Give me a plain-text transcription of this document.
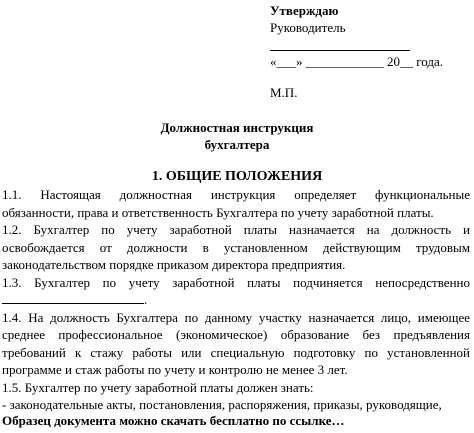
Утверждаю
Руководитель
«___» ____________ 20__ года.
М.П.
Должностная инструкция
бухгалтера
1. ОБЩИЕ ПОЛОЖЕНИЯ
1.1. Настоящая должностная инструкция определяет функциональные
обязанности, права и ответственность Бухгалтера по учету заработной платы.
1.2. Бухгалтер по учету заработной платы назначается на должность и
освобождается от должности в установленном действующим трудовым
законодательством порядке приказом директора предприятия.
1.3. Бухгалтер по учету заработной платы подчиняется непосредственно
.
1.4. На должность Бухгалтера по данному участку назначается лицо, имеющее
среднее профессиональное (экономическое) образование без предъявления
требований к стажу работы или специальную подготовку по установленной
программе и стаж работы по учету и контролю не менее 3 лет.
1.5. Бухгалтер по учету заработной платы должен знать:
- законодательные акты, постановления, распоряжения, приказы, руководящие,
Образец документа можно скачать бесплатно по ссылке…
